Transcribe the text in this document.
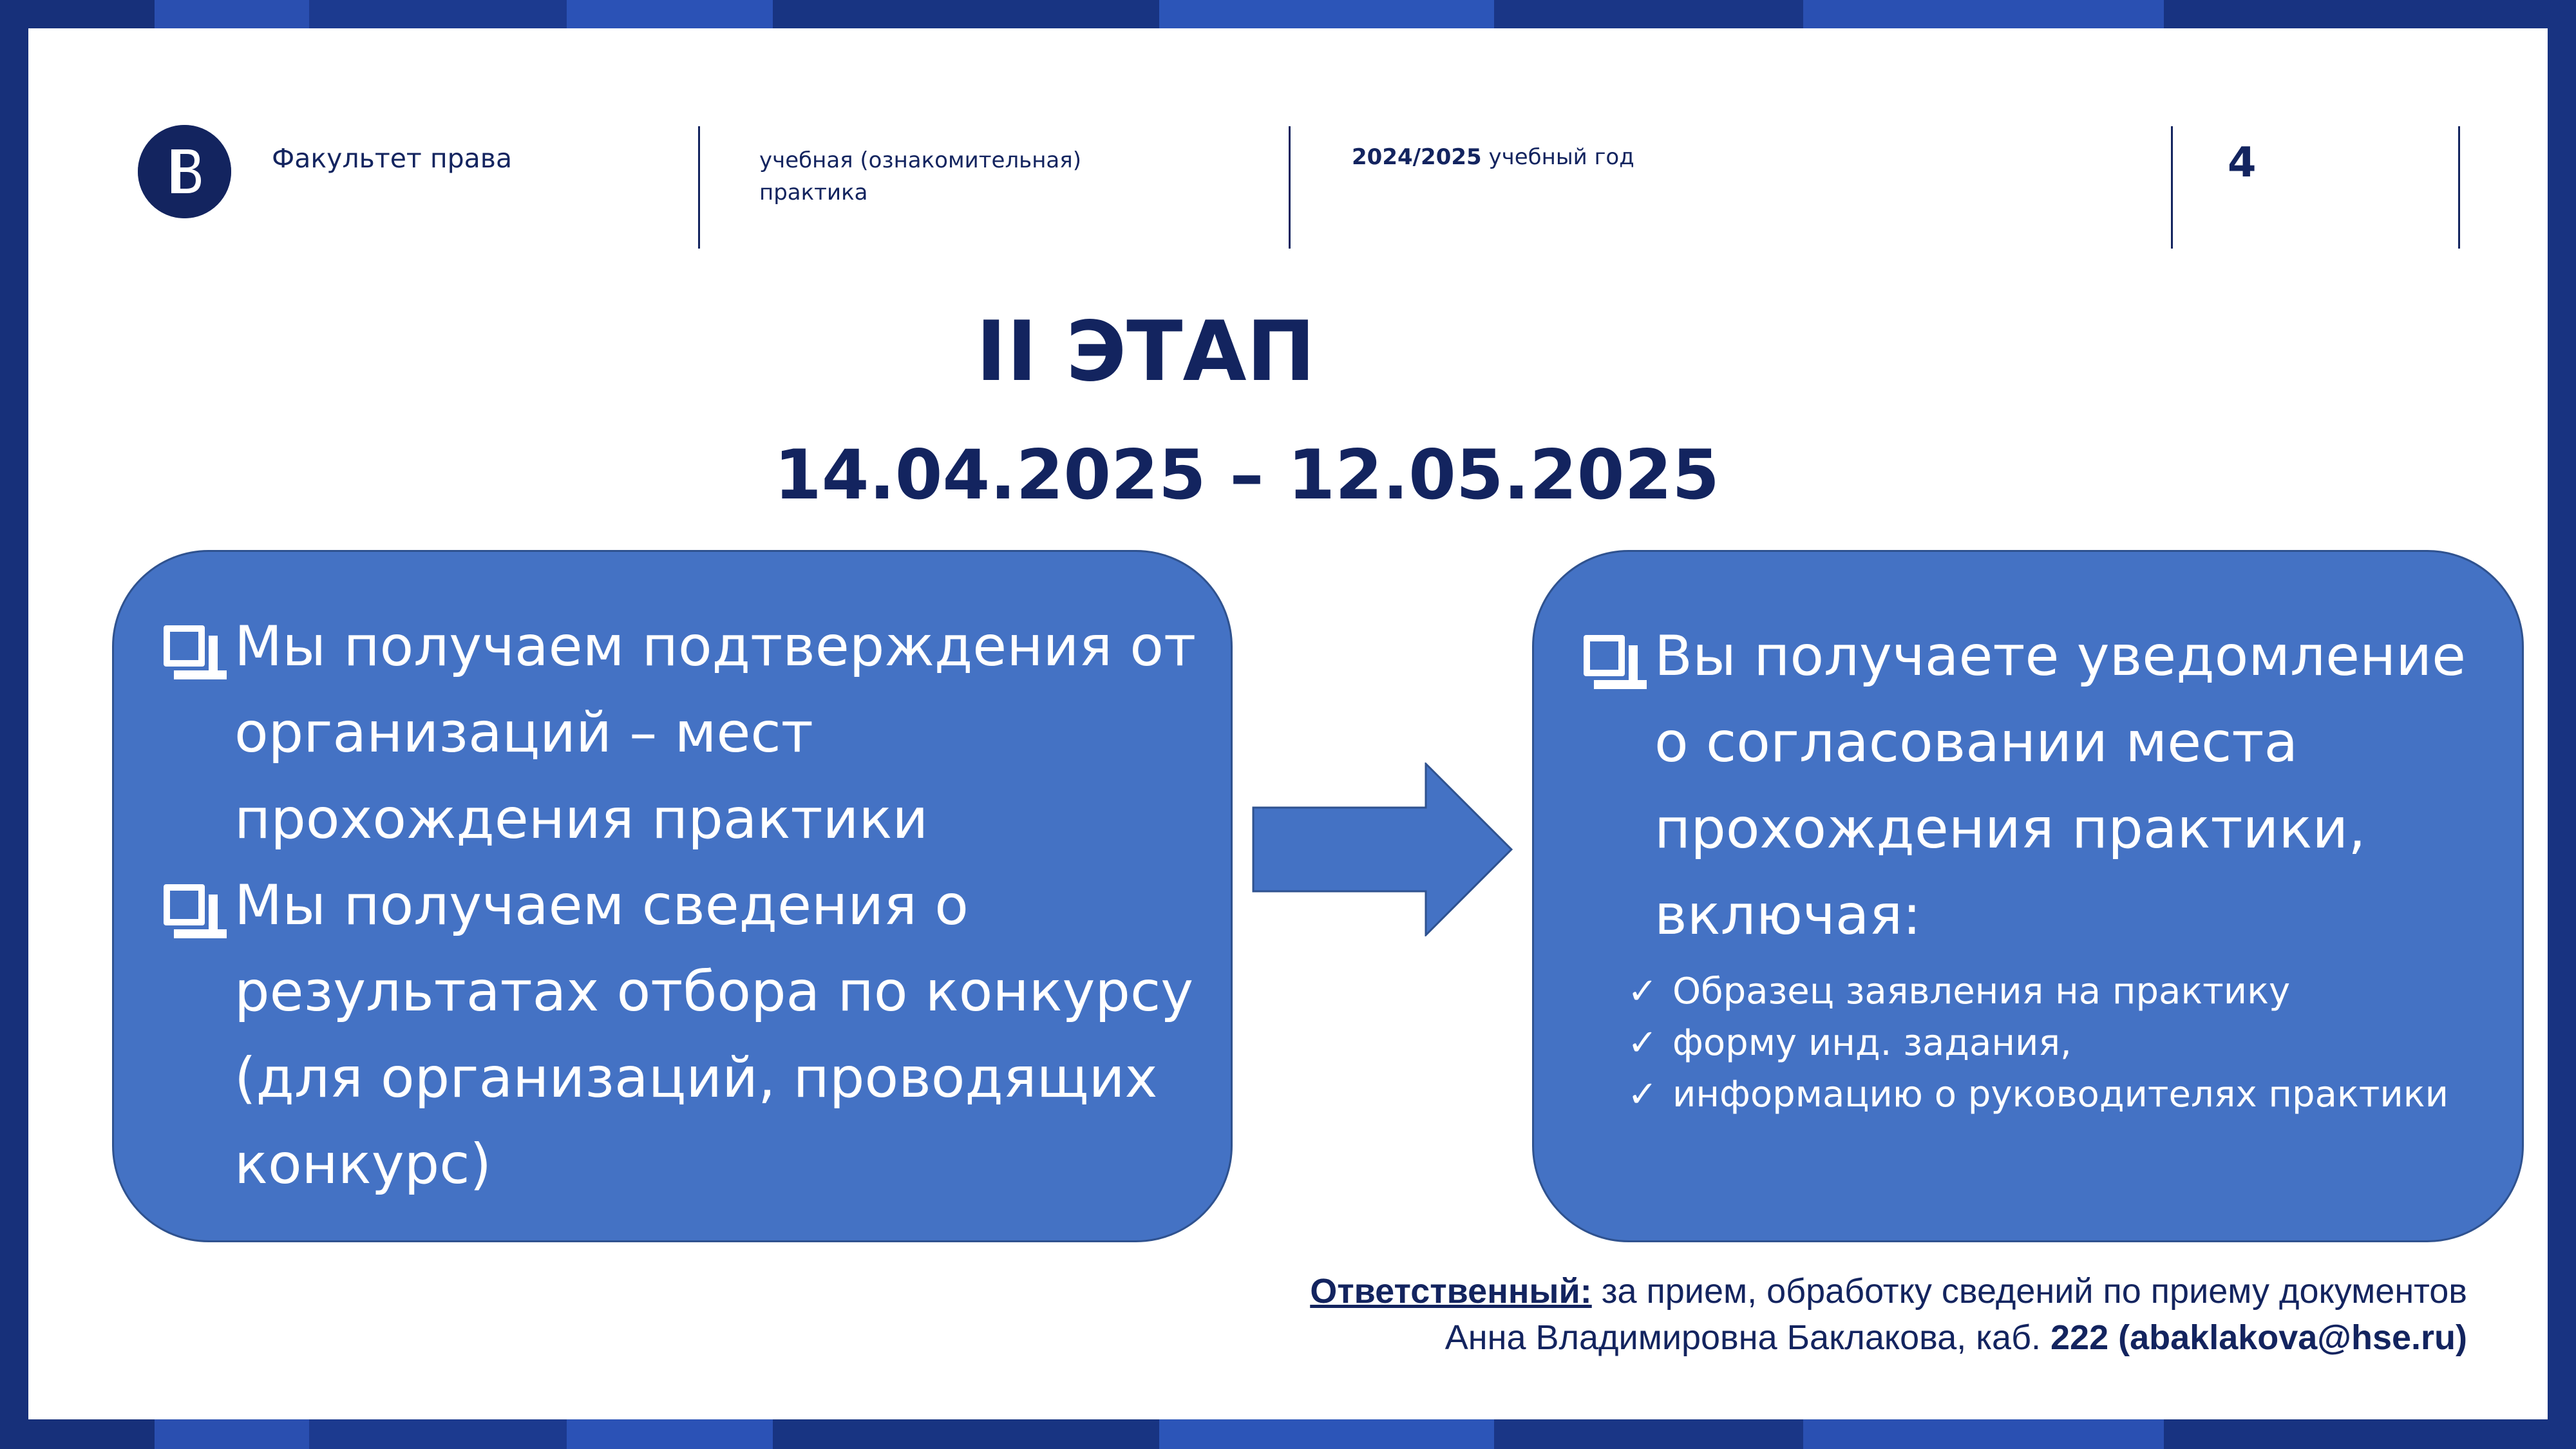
Факультет права	учебная (ознакомительная)
практика
2024/2025 учебный год	4
II ЭТАП
14.04.2025 – 12.05.2025
Мы получаем подтверждения от организаций – мест прохождения практики
Мы получаем сведения о результатах отбора по конкурсу (для организаций, проводящих конкурс)
Вы получаете уведомление о согласовании места прохождения практики, включая:
✓ Образец заявления на практику
✓ форму инд. задания,
✓ информацию о руководителях практики
Ответственный: за прием, обработку сведений по приему документов
Анна Владимировна Баклакова, каб. 222 (abaklakova@hse.ru)
